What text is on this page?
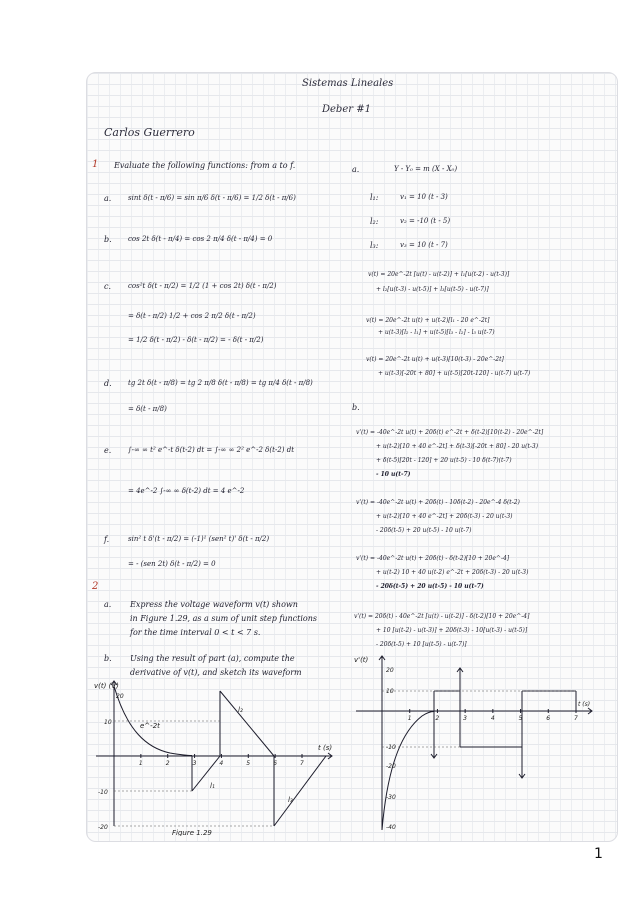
Sistemas Lineales
Deber #1
Carlos Guerrero
1 Evaluate the following functions: from a to f.
a. sint δ(t - π/6) = sin π/6 δ(t - π/6) = 1/2 δ(t - π/6)
b. cos 2t δ(t - π/4) = cos 2 π/4 δ(t - π/4) = 0
c. cos²t δ(t - π/2) = 1/2 (1 + cos 2t) δ(t - π/2)
= δ(t - π/2) 1/2 + cos 2 π/2 δ(t - π/2)
= 1/2 δ(t - π/2) - δ(t - π/2) = - δ(t - π/2)
d. tg 2t δ(t - π/8) = tg 2 π/8 δ(t - π/8) = tg π/4 δ(t - π/8)
= δ(t - π/8)
e. ∫-∞ ∞ t² e^-t δ(t-2) dt = ∫-∞ ∞ 2² e^-2 δ(t-2) dt
= 4e^-2 ∫-∞ ∞ δ(t-2) dt = 4 e^-2
f.	sin² t δ'(t - π/2) = (-1)¹ (sen² t)' δ(t - π/2)
= - (sen 2t) δ(t - π/2) = 0
2
a. Express the voltage waveform v(t) shown
in Figure 1.29, as a sum of unit step functions
for the time interval 0 < t < 7 s.
b. Using the result of part (a), compute the
derivative of v(t), and sketch its waveform
a.	Y - Y₀ = m (X - X₀)
l₁:	v₁ = 10 (t - 3)
l₂:	v₂ = -10 (t - 5)
l₃:	v₃ = 10 (t - 7)
v(t) = 20e^-2t [u(t) - u(t-2)] + l₁[u(t-2) - u(t-3)]
+ l₂[u(t-3) - u(t-5)] + l₃[u(t-5) - u(t-7)]
v(t) = 20e^-2t u(t) + u(t-2)[l₁ - 20 e^-2t]
+ u(t-3)[l₂ - l₁] + u(t-5)[l₃ - l₂] - l₃ u(t-7)
v(t) = 20e^-2t u(t) + u(t-3)[10(t-3) - 20e^-2t]
+ u(t-3)[-20t + 80] + u(t-5)[20t-120] - u(t-7) u(t-7)
b.
v'(t) = -40e^-2t u(t) + 20δ(t) e^-2t + δ(t-2)[10(t-2) - 20e^-2t]
+ u(t-2)[10 + 40 e^-2t] + δ(t-3)[-20t + 80] - 20 u(t-3)
+ δ(t-5)[20t - 120] + 20 u(t-5) - 10 δ(t-7)(t-7)
- 10 u(t-7)
v'(t) = -40e^-2t u(t) + 20δ(t) - 10δ(t-2) - 20e^-4 δ(t-2)
+ u(t-2)[10 + 40 e^-2t] + 20δ(t-3) - 20 u(t-3)
- 20δ(t-5) + 20 u(t-5) - 10 u(t-7)
v'(t) = -40e^-2t u(t) + 20δ(t) - δ(t-2)[10 + 20e^-4]
+ u(t-2) 10 + 40 u(t-2) e^-2t + 20δ(t-3) - 20 u(t-3)
- 20δ(t-5) + 20 u(t-5) - 10 u(t-7)
v'(t) = 20δ(t) - 40e^-2t [u(t) - u(t-2)] - δ(t-2)[10 + 20e^-4]
+ 10 [u(t-2) - u(t-3)] + 20δ(t-3) - 10[u(t-3) - u(t-5)]
- 20δ(t-5) + 10 [u(t-5) - u(t-7)]
v(t) (V)
20
10
-10
-20
e^-2t
l₁
l₂
l₃
t (s)
1	2	3	4	5	6	7
Figure 1.29
v'(t)
20
10
-10
-20
-30
-40
t (s)
1	2	3	4	5	6	7
1
